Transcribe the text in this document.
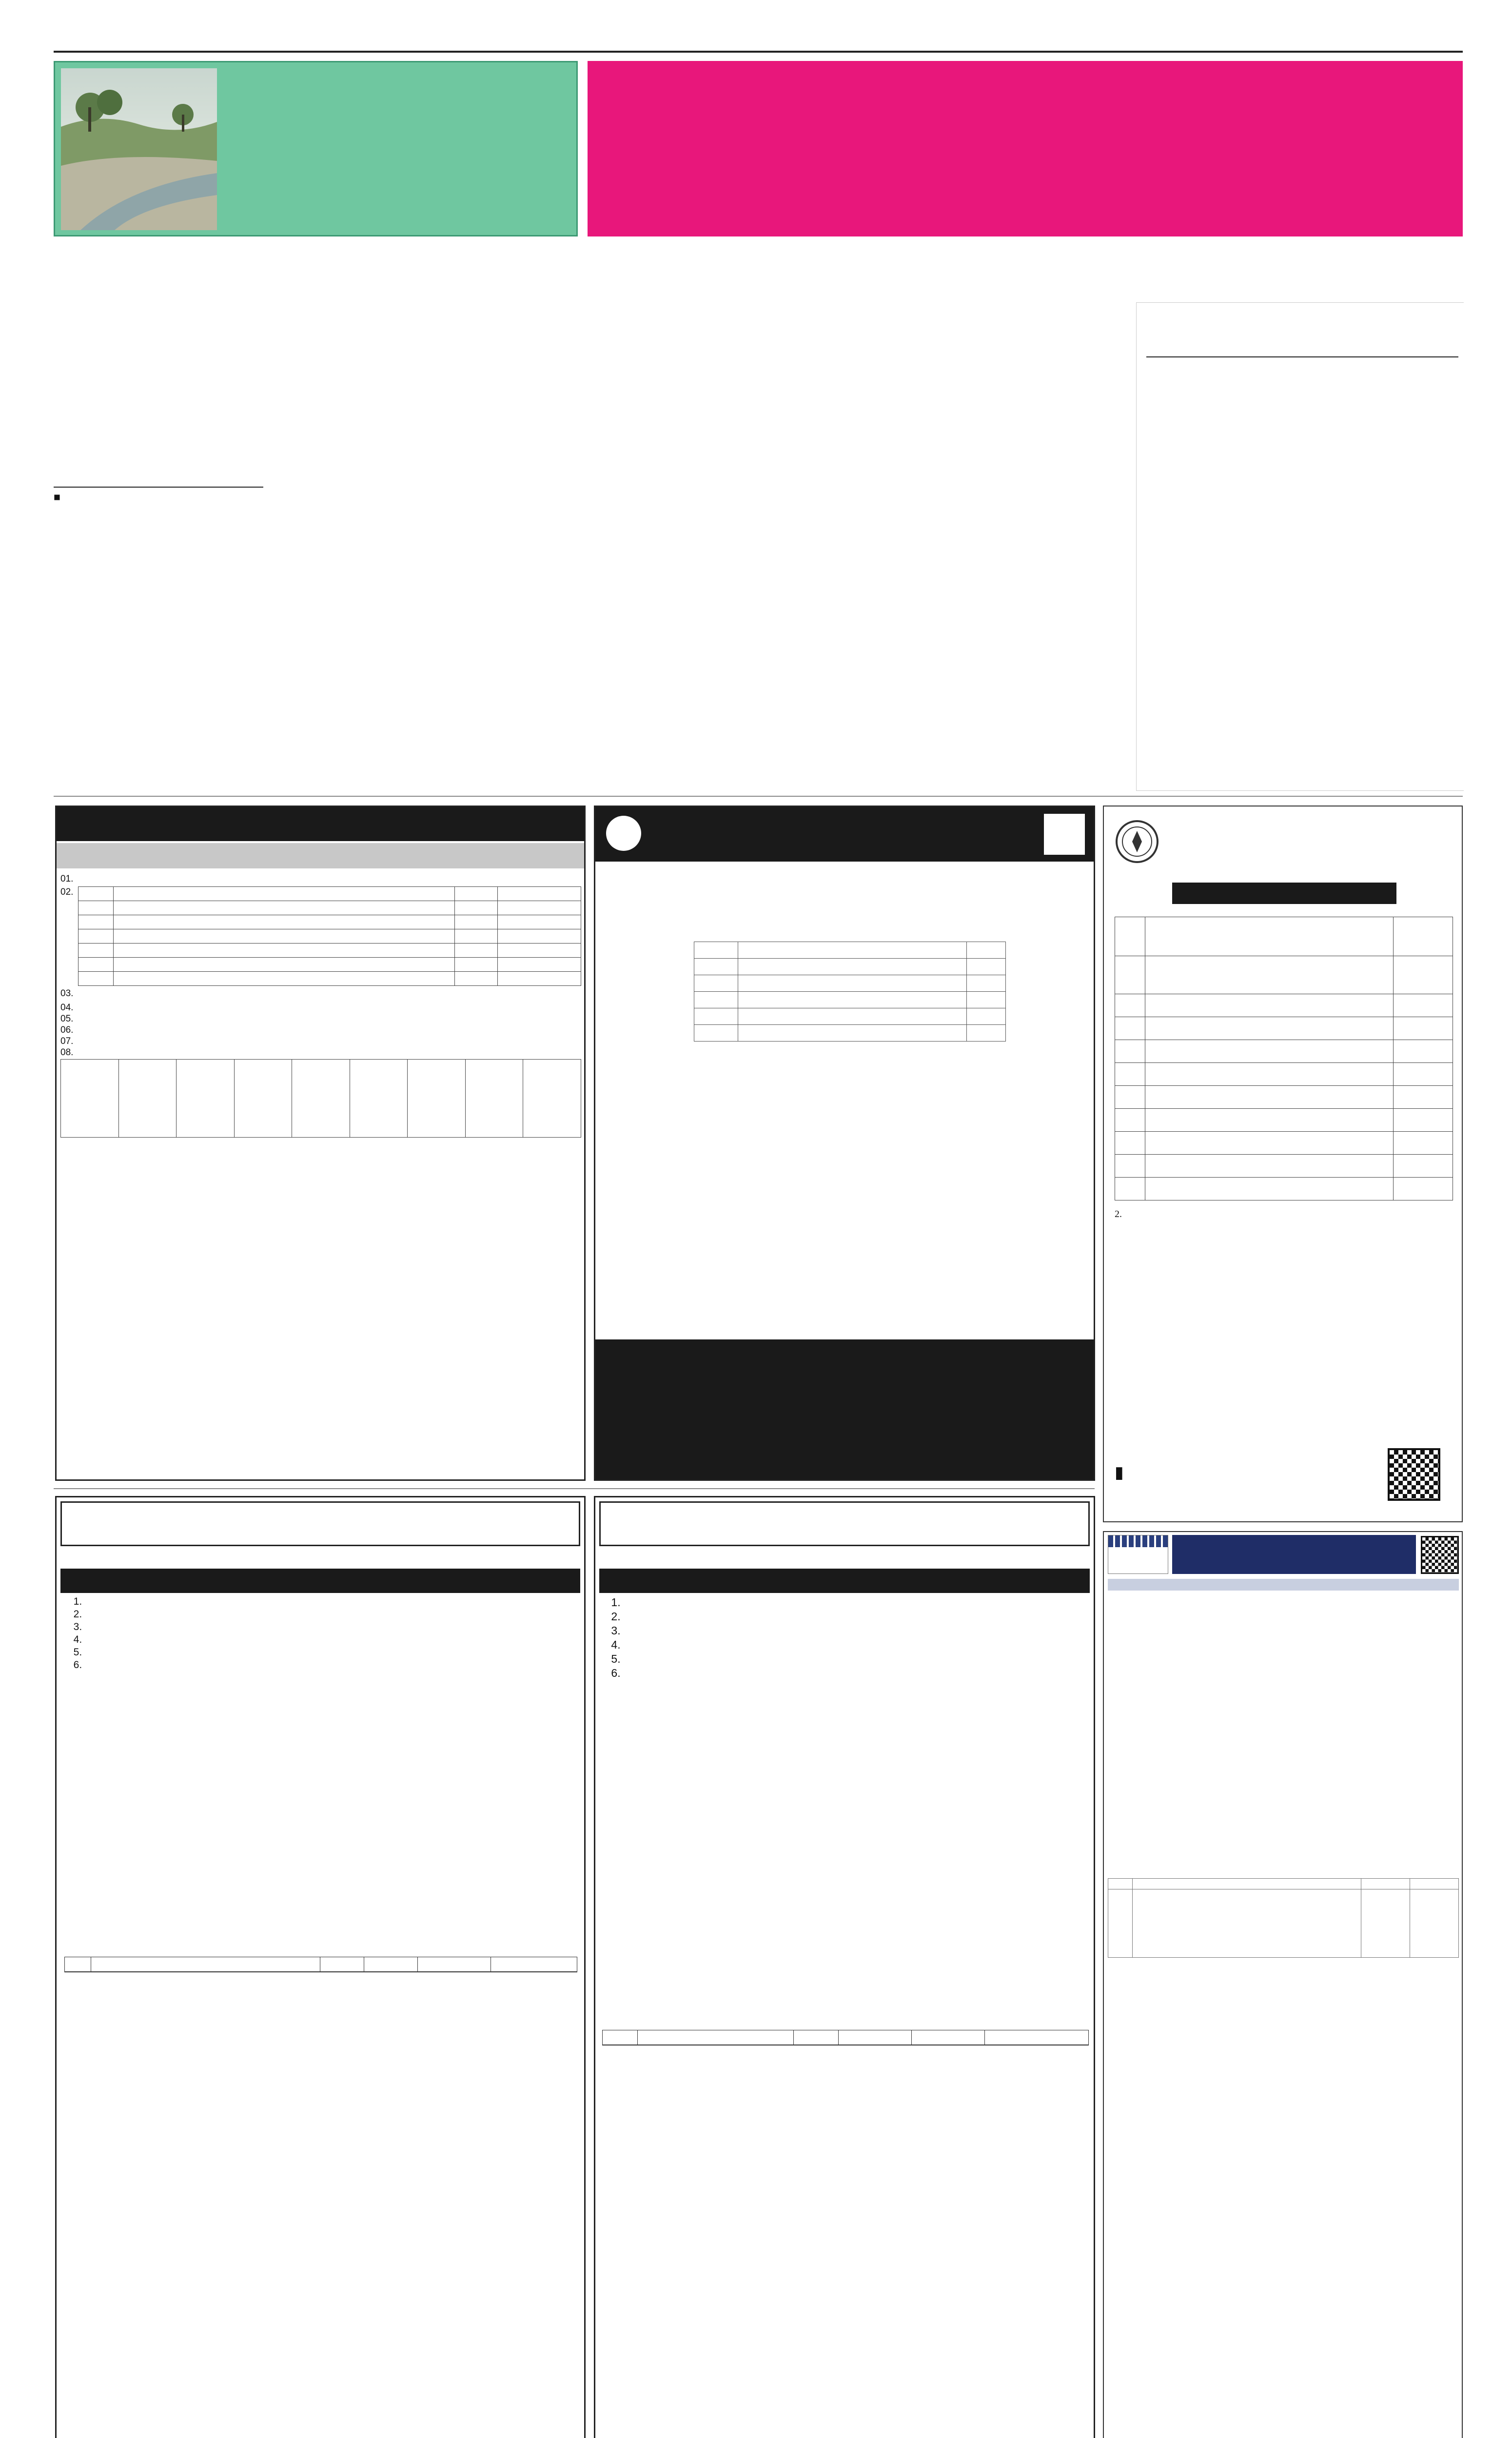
■

01.
02.

03.
04.
05.
06.
07.
08.

2.

▮
1.
2.
3.
4.
5.
6.

1.
2.
3.
4.
5.
6.
